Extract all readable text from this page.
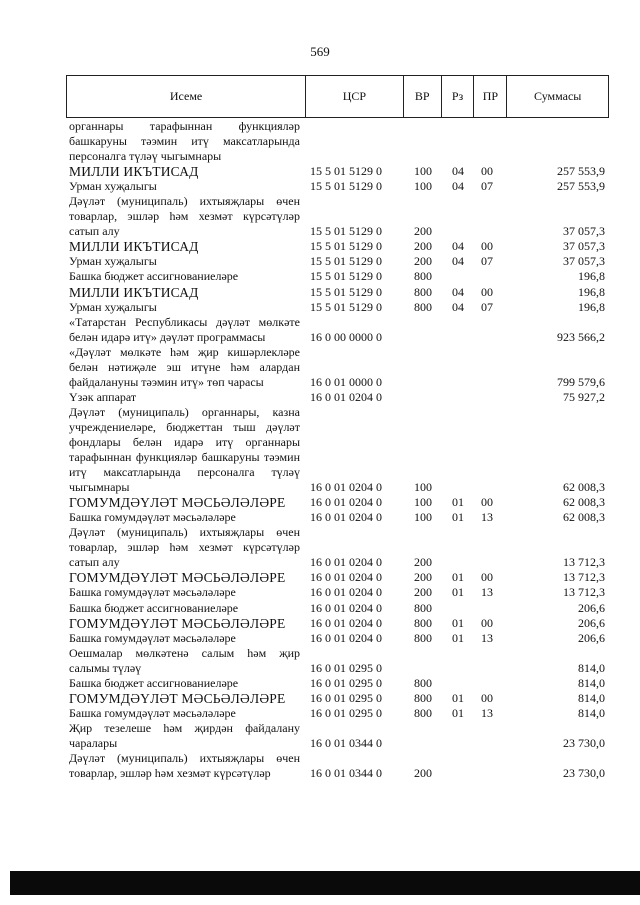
569
Исеме	ЦСР	ВР	Рз	ПР	Суммасы
органнары тарафыннан функцияләр башкаруны тәэмин итү максатларында персоналга түләү чыгымнары
МИЛЛИ ИКЪТИСАД	15 5 01 5129 0	100	04	00	257 553,9
Урман хуҗалыгы	15 5 01 5129 0	100	04	07	257 553,9
Дәүләт (муниципаль) ихтыяҗлары өчен товарлар, эшләр һәм хезмәт күрсәтүләр сатып алу	15 5 01 5129 0	200	37 057,3
МИЛЛИ ИКЪТИСАД	15 5 01 5129 0	200	04	00	37 057,3
Урман хуҗалыгы	15 5 01 5129 0	200	04	07	37 057,3
Башка бюджет ассигнованиеләре	15 5 01 5129 0	800	196,8
МИЛЛИ ИКЪТИСАД	15 5 01 5129 0	800	04	00	196,8
Урман хуҗалыгы	15 5 01 5129 0	800	04	07	196,8
«Татарстан Республикасы дәүләт мөлкәте белән идарә итү» дәүләт программасы	16 0 00 0000 0	923 566,2
«Дәүләт мөлкәте һәм җир кишәрлекләре белән нәтиҗәле эш итүне һәм алардан файдалануны тәэмин итү» төп чарасы	16 0 01 0000 0	799 579,6
Үзәк аппарат	16 0 01 0204 0	75 927,2
Дәүләт (муниципаль) органнары, казна учреждениеләре, бюджеттан тыш дәүләт фондлары белән идарә итү органнары тарафыннан функцияләр башкаруны тәэмин итү максатларында персоналга түләү чыгымнары	16 0 01 0204 0	100	62 008,3
ГОМУМДӘҮЛӘТ МӘСЬӘЛӘЛӘРЕ	16 0 01 0204 0	100	01	00	62 008,3
Башка гомумдәүләт мәсьәләләре	16 0 01 0204 0	100	01	13	62 008,3
Дәүләт (муниципаль) ихтыяҗлары өчен товарлар, эшләр һәм хезмәт күрсәтүләр сатып алу	16 0 01 0204 0	200	13 712,3
ГОМУМДӘҮЛӘТ МӘСЬӘЛӘЛӘРЕ	16 0 01 0204 0	200	01	00	13 712,3
Башка гомумдәүләт мәсьәләләре	16 0 01 0204 0	200	01	13	13 712,3
Башка бюджет ассигнованиеләре	16 0 01 0204 0	800	206,6
ГОМУМДӘҮЛӘТ МӘСЬӘЛӘЛӘРЕ	16 0 01 0204 0	800	01	00	206,6
Башка гомумдәүләт мәсьәләләре	16 0 01 0204 0	800	01	13	206,6
Оешмалар мөлкәтенә салым һәм җир салымы түләү	16 0 01 0295 0	814,0
Башка бюджет ассигнованиеләре	16 0 01 0295 0	800	814,0
ГОМУМДӘҮЛӘТ МӘСЬӘЛӘЛӘРЕ	16 0 01 0295 0	800	01	00	814,0
Башка гомумдәүләт мәсьәләләре	16 0 01 0295 0	800	01	13	814,0
Җир тезелеше һәм җирдән файдалану чаралары	16 0 01 0344 0	23 730,0
Дәүләт (муниципаль) ихтыяҗлары өчен товарлар, эшләр һәм хезмәт күрсәтүләр	16 0 01 0344 0	200	23 730,0
